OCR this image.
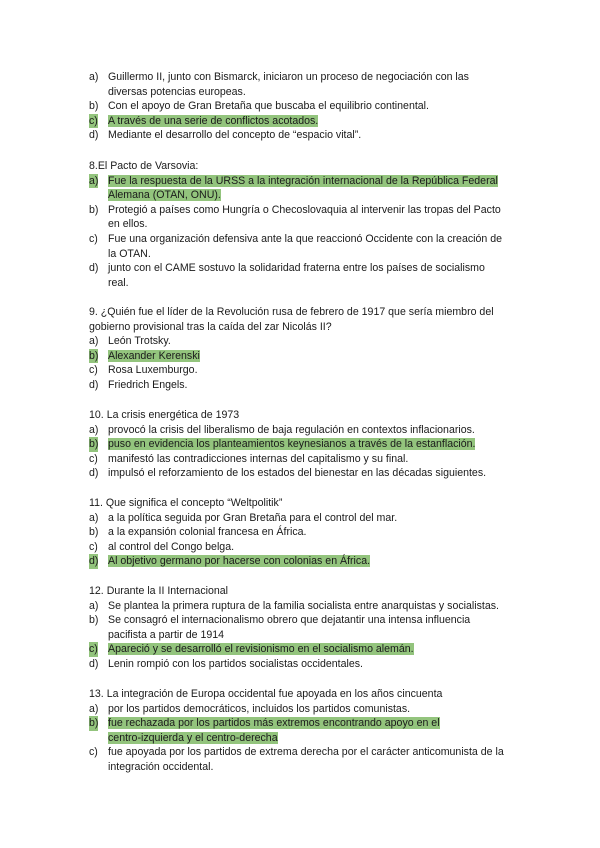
a) Guillermo II, junto con Bismarck, iniciaron un proceso de negociación con las
diversas potencias europeas.
b) Con el apoyo de Gran Bretaña que buscaba el equilibrio continental.
c) A través de una serie de conflictos acotados.
d) Mediante el desarrollo del concepto de “espacio vital”.
8.El Pacto de Varsovia:
a) Fue la respuesta de la URSS a la integración internacional de la República Federal
Alemana (OTAN, ONU).
b) Protegió a países como Hungría o Checoslovaquia al intervenir las tropas del Pacto
en ellos.
c) Fue una organización defensiva ante la que reaccionó Occidente con la creación de
la OTAN.
d) junto con el CAME sostuvo la solidaridad fraterna entre los países de socialismo
real.
9. ¿Quién fue el líder de la Revolución rusa de febrero de 1917 que sería miembro del
gobierno provisional tras la caída del zar Nicolás II?
a) León Trotsky.
b) Alexander Kerenski
c) Rosa Luxemburgo.
d) Friedrich Engels.
10. La crisis energética de 1973
a) provocó la crisis del liberalismo de baja regulación en contextos inflacionarios.
b) puso en evidencia los planteamientos keynesianos a través de la estanflación.
c) manifestó las contradicciones internas del capitalismo y su final.
d) impulsó el reforzamiento de los estados del bienestar en las décadas siguientes.
11. Que significa el concepto “Weltpolitik”
a) a la política seguida por Gran Bretaña para el control del mar.
b) a la expansión colonial francesa en África.
c) al control del Congo belga.
d) Al objetivo germano por hacerse con colonias en África.
12. Durante la II Internacional
a) Se plantea la primera ruptura de la familia socialista entre anarquistas y socialistas.
b) Se consagró el internacionalismo obrero que dejatantir una intensa influencia
pacifista a partir de 1914
c) Apareció y se desarrolló el revisionismo en el socialismo alemán.
d) Lenin rompió con los partidos socialistas occidentales.
13. La integración de Europa occidental fue apoyada en los años cincuenta
a) por los partidos democráticos, incluidos los partidos comunistas.
b) fue rechazada por los partidos más extremos encontrando apoyo en el
centro-izquierda y el centro-derecha
c) fue apoyada por los partidos de extrema derecha por el carácter anticomunista de la
integración occidental.
